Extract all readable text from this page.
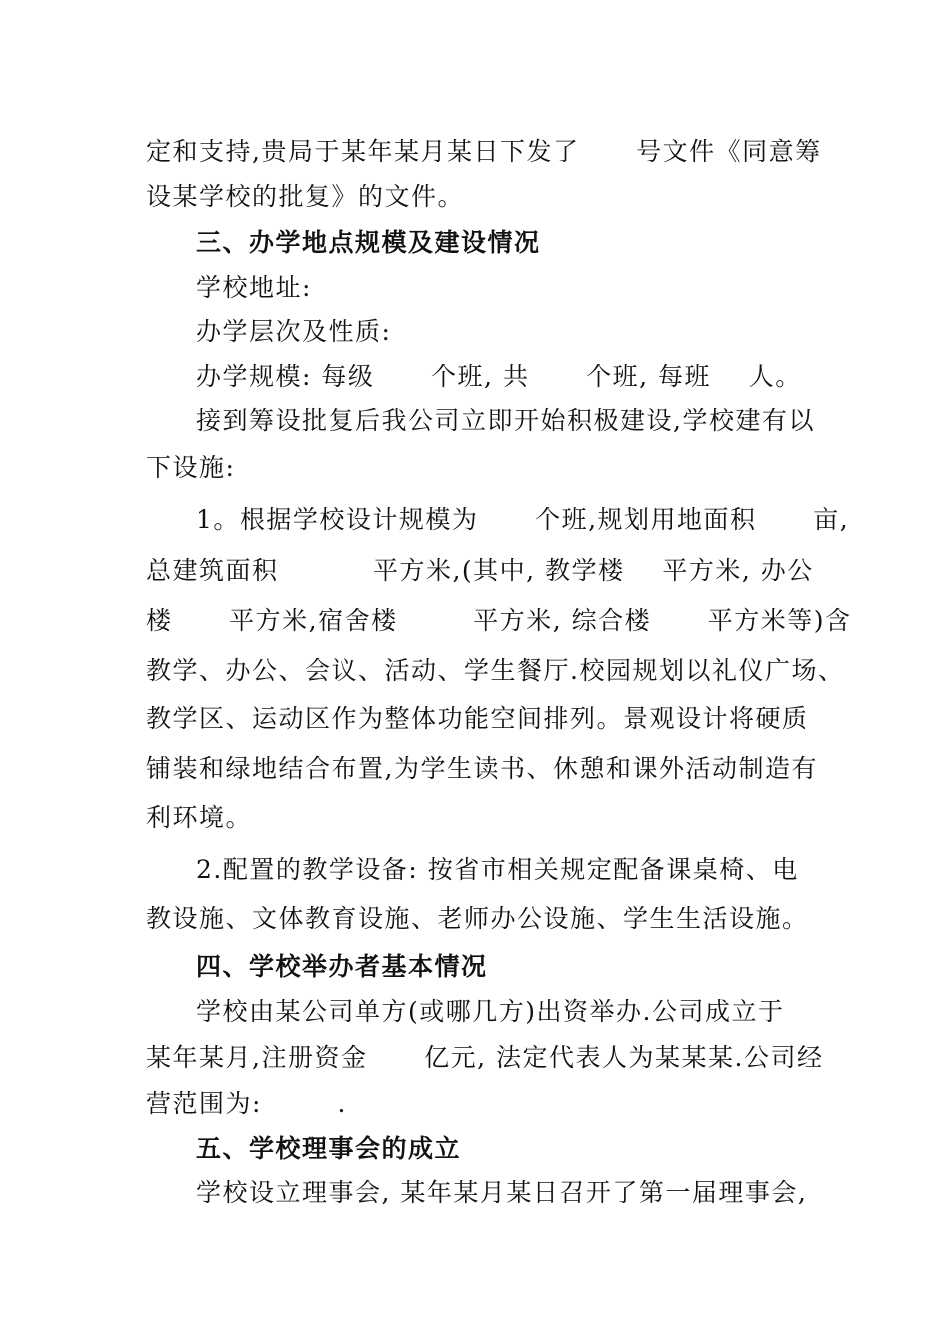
定和支持,贵局于某年某月某日下发了      号文件《同意筹
设某学校的批复》的文件。
三、办学地点规模及建设情况
学校地址:
办学层次及性质:
办学规模: 每级      个班, 共      个班, 每班    人。
接到筹设批复后我公司立即开始积极建设,学校建有以
下设施:
1。根据学校设计规模为      个班,规划用地面积      亩,
总建筑面积          平方米,(其中, 教学楼    平方米, 办公
楼      平方米,宿舍楼        平方米, 综合楼      平方米等)含
教学、办公、会议、活动、学生餐厅.校园规划以礼仪广场、
教学区、运动区作为整体功能空间排列。景观设计将硬质
铺装和绿地结合布置,为学生读书、休憩和课外活动制造有
利环境。
2.配置的教学设备: 按省市相关规定配备课桌椅、电
教设施、文体教育设施、老师办公设施、学生生活设施。
四、学校举办者基本情况
学校由某公司单方(或哪几方)出资举办.公司成立于
某年某月,注册资金      亿元, 法定代表人为某某某.公司经
营范围为:        .
五、学校理事会的成立
学校设立理事会, 某年某月某日召开了第一届理事会,
